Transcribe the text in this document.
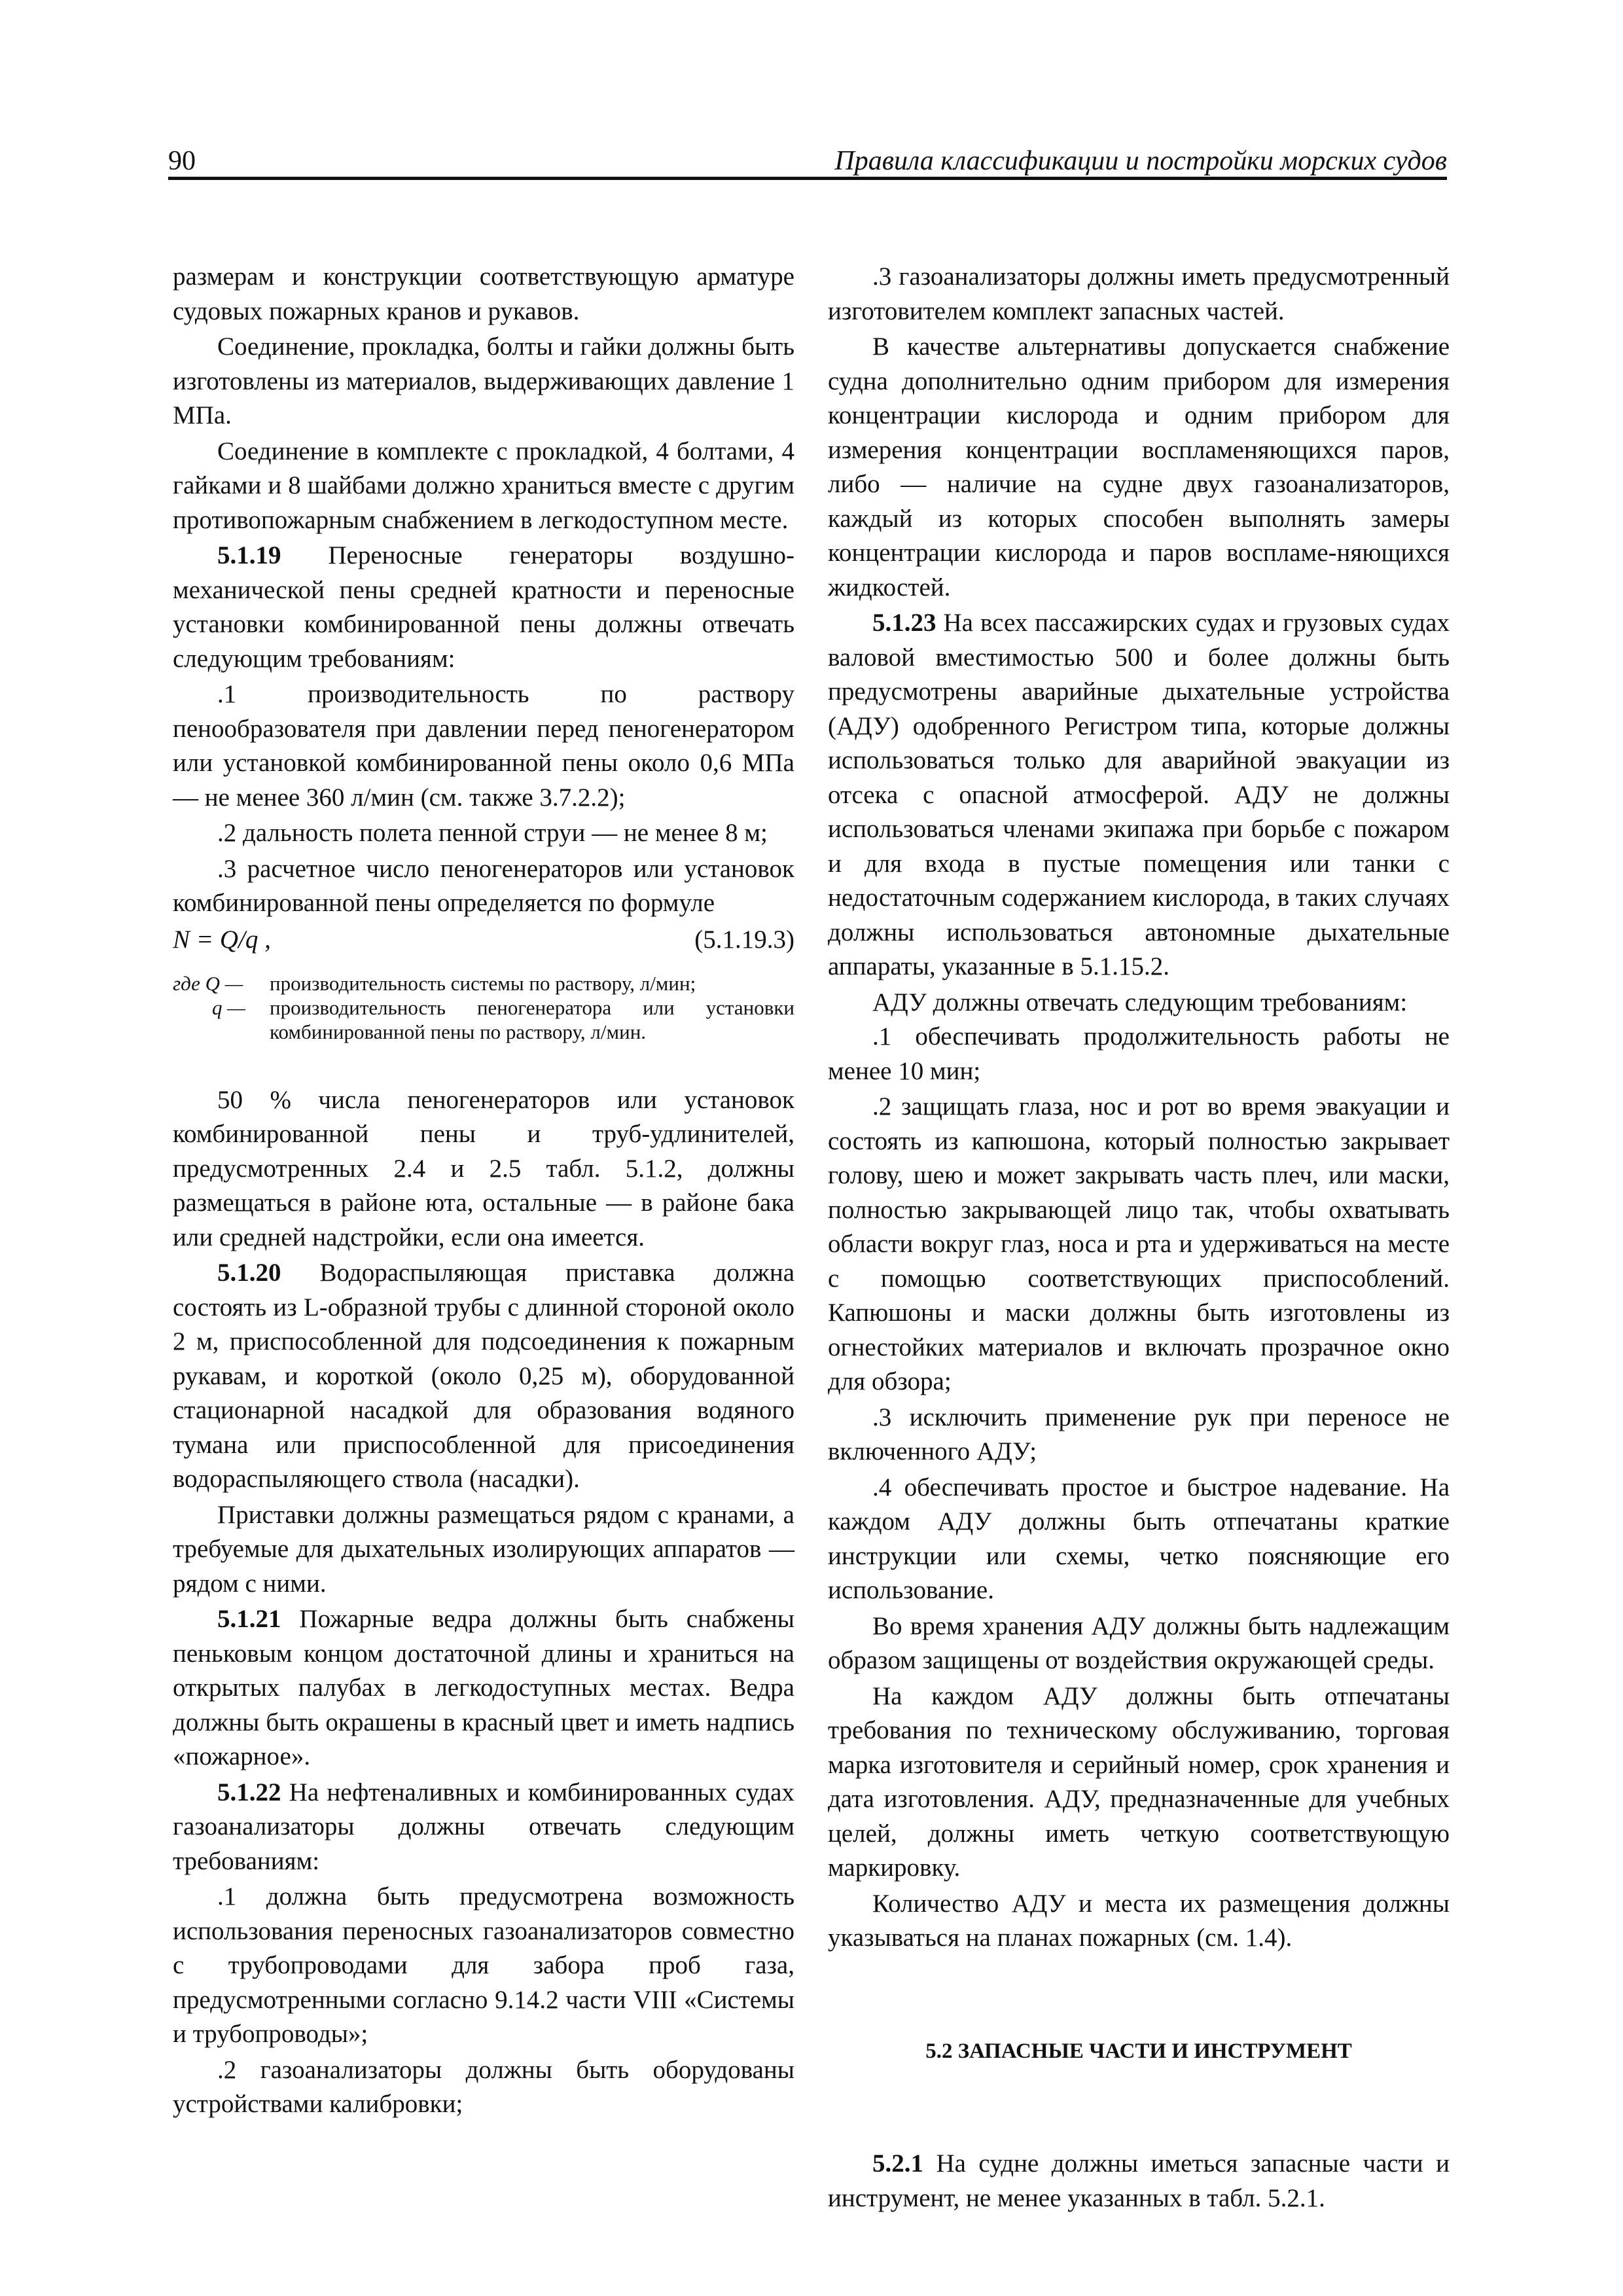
90	Правила классификации и постройки морских судов

размерам и конструкции соответствующую арматуре судовых пожарных кранов и рукавов.

Соединение, прокладка, болты и гайки должны быть изготовлены из материалов, выдерживающих давление 1 МПа.

Соединение в комплекте с прокладкой, 4 болтами, 4 гайками и 8 шайбами должно храниться вместе с другим противопожарным снабжением в легкодоступном месте.

5.1.19 Переносные генераторы воздушно-механической пены средней кратности и переносные установки комбинированной пены должны отвечать следующим требованиям:

.1 производительность по раствору пенообразователя при давлении перед пеногенератором или установкой комбинированной пены около 0,6 МПа — не менее 360 л/мин (см. также 3.7.2.2);

.2 дальность полета пенной струи — не менее 8 м;

.3 расчетное число пеногенераторов или установок комбинированной пены определяется по формуле

N = Q/q ,	(5.1.19.3)
где Q —	производительность системы по раствору, л/мин;
q —	производительность пеногенератора или установки комбинированной пены по раствору, л/мин.

50 % числа пеногенераторов или установок комбинированной пены и труб-удлинителей, предусмотренных 2.4 и 2.5 табл. 5.1.2, должны размещаться в районе юта, остальные — в районе бака или средней надстройки, если она имеется.

5.1.20 Водораспыляющая приставка должна состоять из L-образной трубы с длинной стороной около 2 м, приспособленной для подсоединения к пожарным рукавам, и короткой (около 0,25 м), оборудованной стационарной насадкой для образования водяного тумана или приспособленной для присоединения водораспыляющего ствола (насадки).

Приставки должны размещаться рядом с кранами, а требуемые для дыхательных изолирующих аппаратов — рядом с ними.

5.1.21 Пожарные ведра должны быть снабжены пеньковым концом достаточной длины и храниться на открытых палубах в легкодоступных местах. Ведра должны быть окрашены в красный цвет и иметь надпись «пожарное».

5.1.22 На нефтеналивных и комбинированных судах газоанализаторы должны отвечать следующим требованиям:

.1 должна быть предусмотрена возможность использования переносных газоанализаторов совместно с трубопроводами для забора проб газа, предусмотренными согласно 9.14.2 части VIII «Системы и трубопроводы»;

.2 газоанализаторы должны быть оборудованы устройствами калибровки;

.3 газоанализаторы должны иметь предусмотренный изготовителем комплект запасных частей.

В качестве альтернативы допускается снабжение судна дополнительно одним прибором для измерения концентрации кислорода и одним прибором для измерения концентрации воспламеняющихся паров, либо — наличие на судне двух газоанализаторов, каждый из которых способен выполнять замеры концентрации кислорода и паров воспламе-няющихся жидкостей.

5.1.23 На всех пассажирских судах и грузовых судах валовой вместимостью 500 и более должны быть предусмотрены аварийные дыхательные устройства (АДУ) одобренного Регистром типа, которые должны использоваться только для аварийной эвакуации из отсека с опасной атмосферой. АДУ не должны использоваться членами экипажа при борьбе с пожаром и для входа в пустые помещения или танки с недостаточным содержанием кислорода, в таких случаях должны использоваться автономные дыхательные аппараты, указанные в 5.1.15.2.

АДУ должны отвечать следующим требованиям:

.1 обеспечивать продолжительность работы не менее 10 мин;

.2 защищать глаза, нос и рот во время эвакуации и состоять из капюшона, который полностью закрывает голову, шею и может закрывать часть плеч, или маски, полностью закрывающей лицо так, чтобы охватывать области вокруг глаз, носа и рта и удерживаться на месте с помощью соответствующих приспособлений. Капюшоны и маски должны быть изготовлены из огнестойких материалов и включать прозрачное окно для обзора;

.3 исключить применение рук при переносе не включенного АДУ;

.4 обеспечивать простое и быстрое надевание. На каждом АДУ должны быть отпечатаны краткие инструкции или схемы, четко поясняющие его использование.

Во время хранения АДУ должны быть надлежащим образом защищены от воздействия окружающей среды.

На каждом АДУ должны быть отпечатаны требования по техническому обслуживанию, торговая марка изготовителя и серийный номер, срок хранения и дата изготовления. АДУ, предназначенные для учебных целей, должны иметь четкую соответствующую маркировку.

Количество АДУ и места их размещения должны указываться на планах пожарных (см. 1.4).

5.2 ЗАПАСНЫЕ ЧАСТИ И ИНСТРУМЕНТ

5.2.1 На судне должны иметься запасные части и инструмент, не менее указанных в табл. 5.2.1.
